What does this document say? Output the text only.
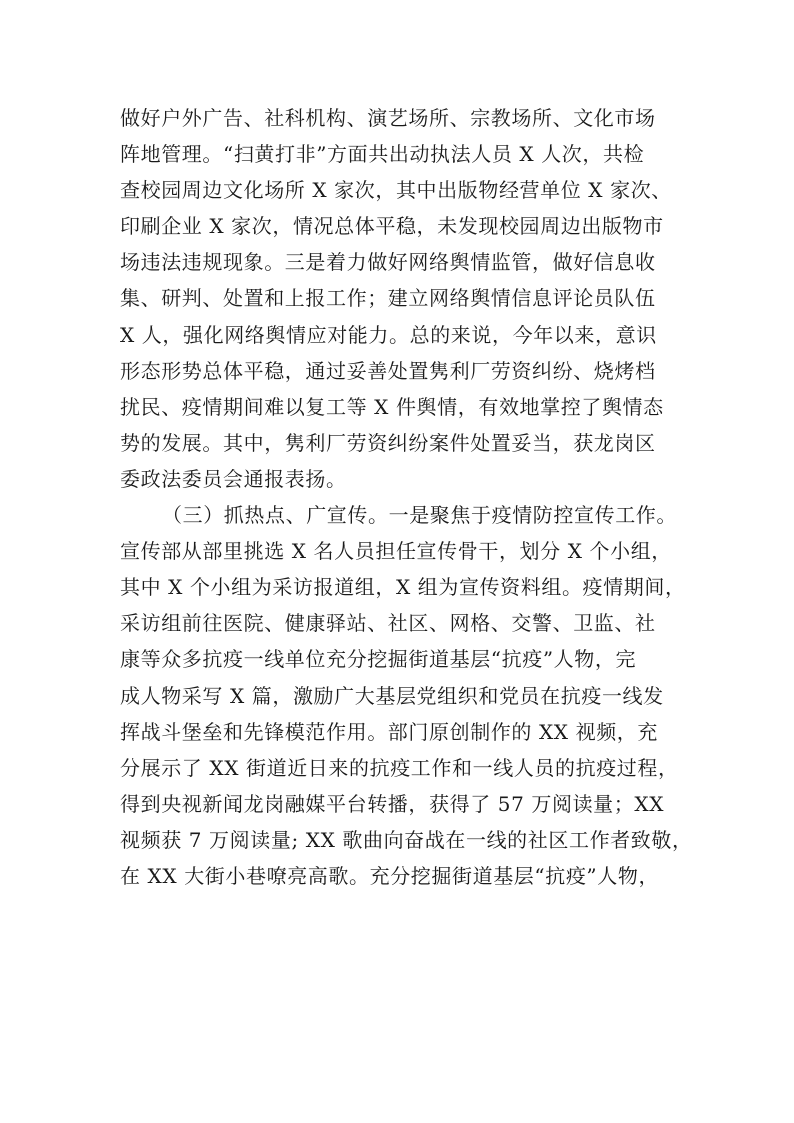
做好户外广告、社科机构、演艺场所、宗教场所、文化市场
阵地管理。“扫黄打非”方面共出动执法人员 X 人次，共检
查校园周边文化场所 X 家次，其中出版物经营单位 X 家次、
印刷企业 X 家次，情况总体平稳，未发现校园周边出版物市
场违法违规现象。三是着力做好网络舆情监管，做好信息收
集、研判、处置和上报工作；建立网络舆情信息评论员队伍
X 人，强化网络舆情应对能力。总的来说，今年以来，意识
形态形势总体平稳，通过妥善处置隽利厂劳资纠纷、烧烤档
扰民、疫情期间难以复工等 X 件舆情，有效地掌控了舆情态
势的发展。其中，隽利厂劳资纠纷案件处置妥当，获龙岗区
委政法委员会通报表扬。
（三）抓热点、广宣传。一是聚焦于疫情防控宣传工作。
宣传部从部里挑选 X 名人员担任宣传骨干，划分 X 个小组，
其中 X 个小组为采访报道组，X 组为宣传资料组。疫情期间，
采访组前往医院、健康驿站、社区、网格、交警、卫监、社
康等众多抗疫一线单位充分挖掘街道基层“抗疫”人物，完
成人物采写 X 篇，激励广大基层党组织和党员在抗疫一线发
挥战斗堡垒和先锋模范作用。部门原创制作的 XX 视频，充
分展示了 XX 街道近日来的抗疫工作和一线人员的抗疫过程，
得到央视新闻龙岗融媒平台转播，获得了 57 万阅读量；XX
视频获 7 万阅读量; XX 歌曲向奋战在一线的社区工作者致敬，
在 XX 大街小巷嘹亮高歌。充分挖掘街道基层“抗疫”人物，
